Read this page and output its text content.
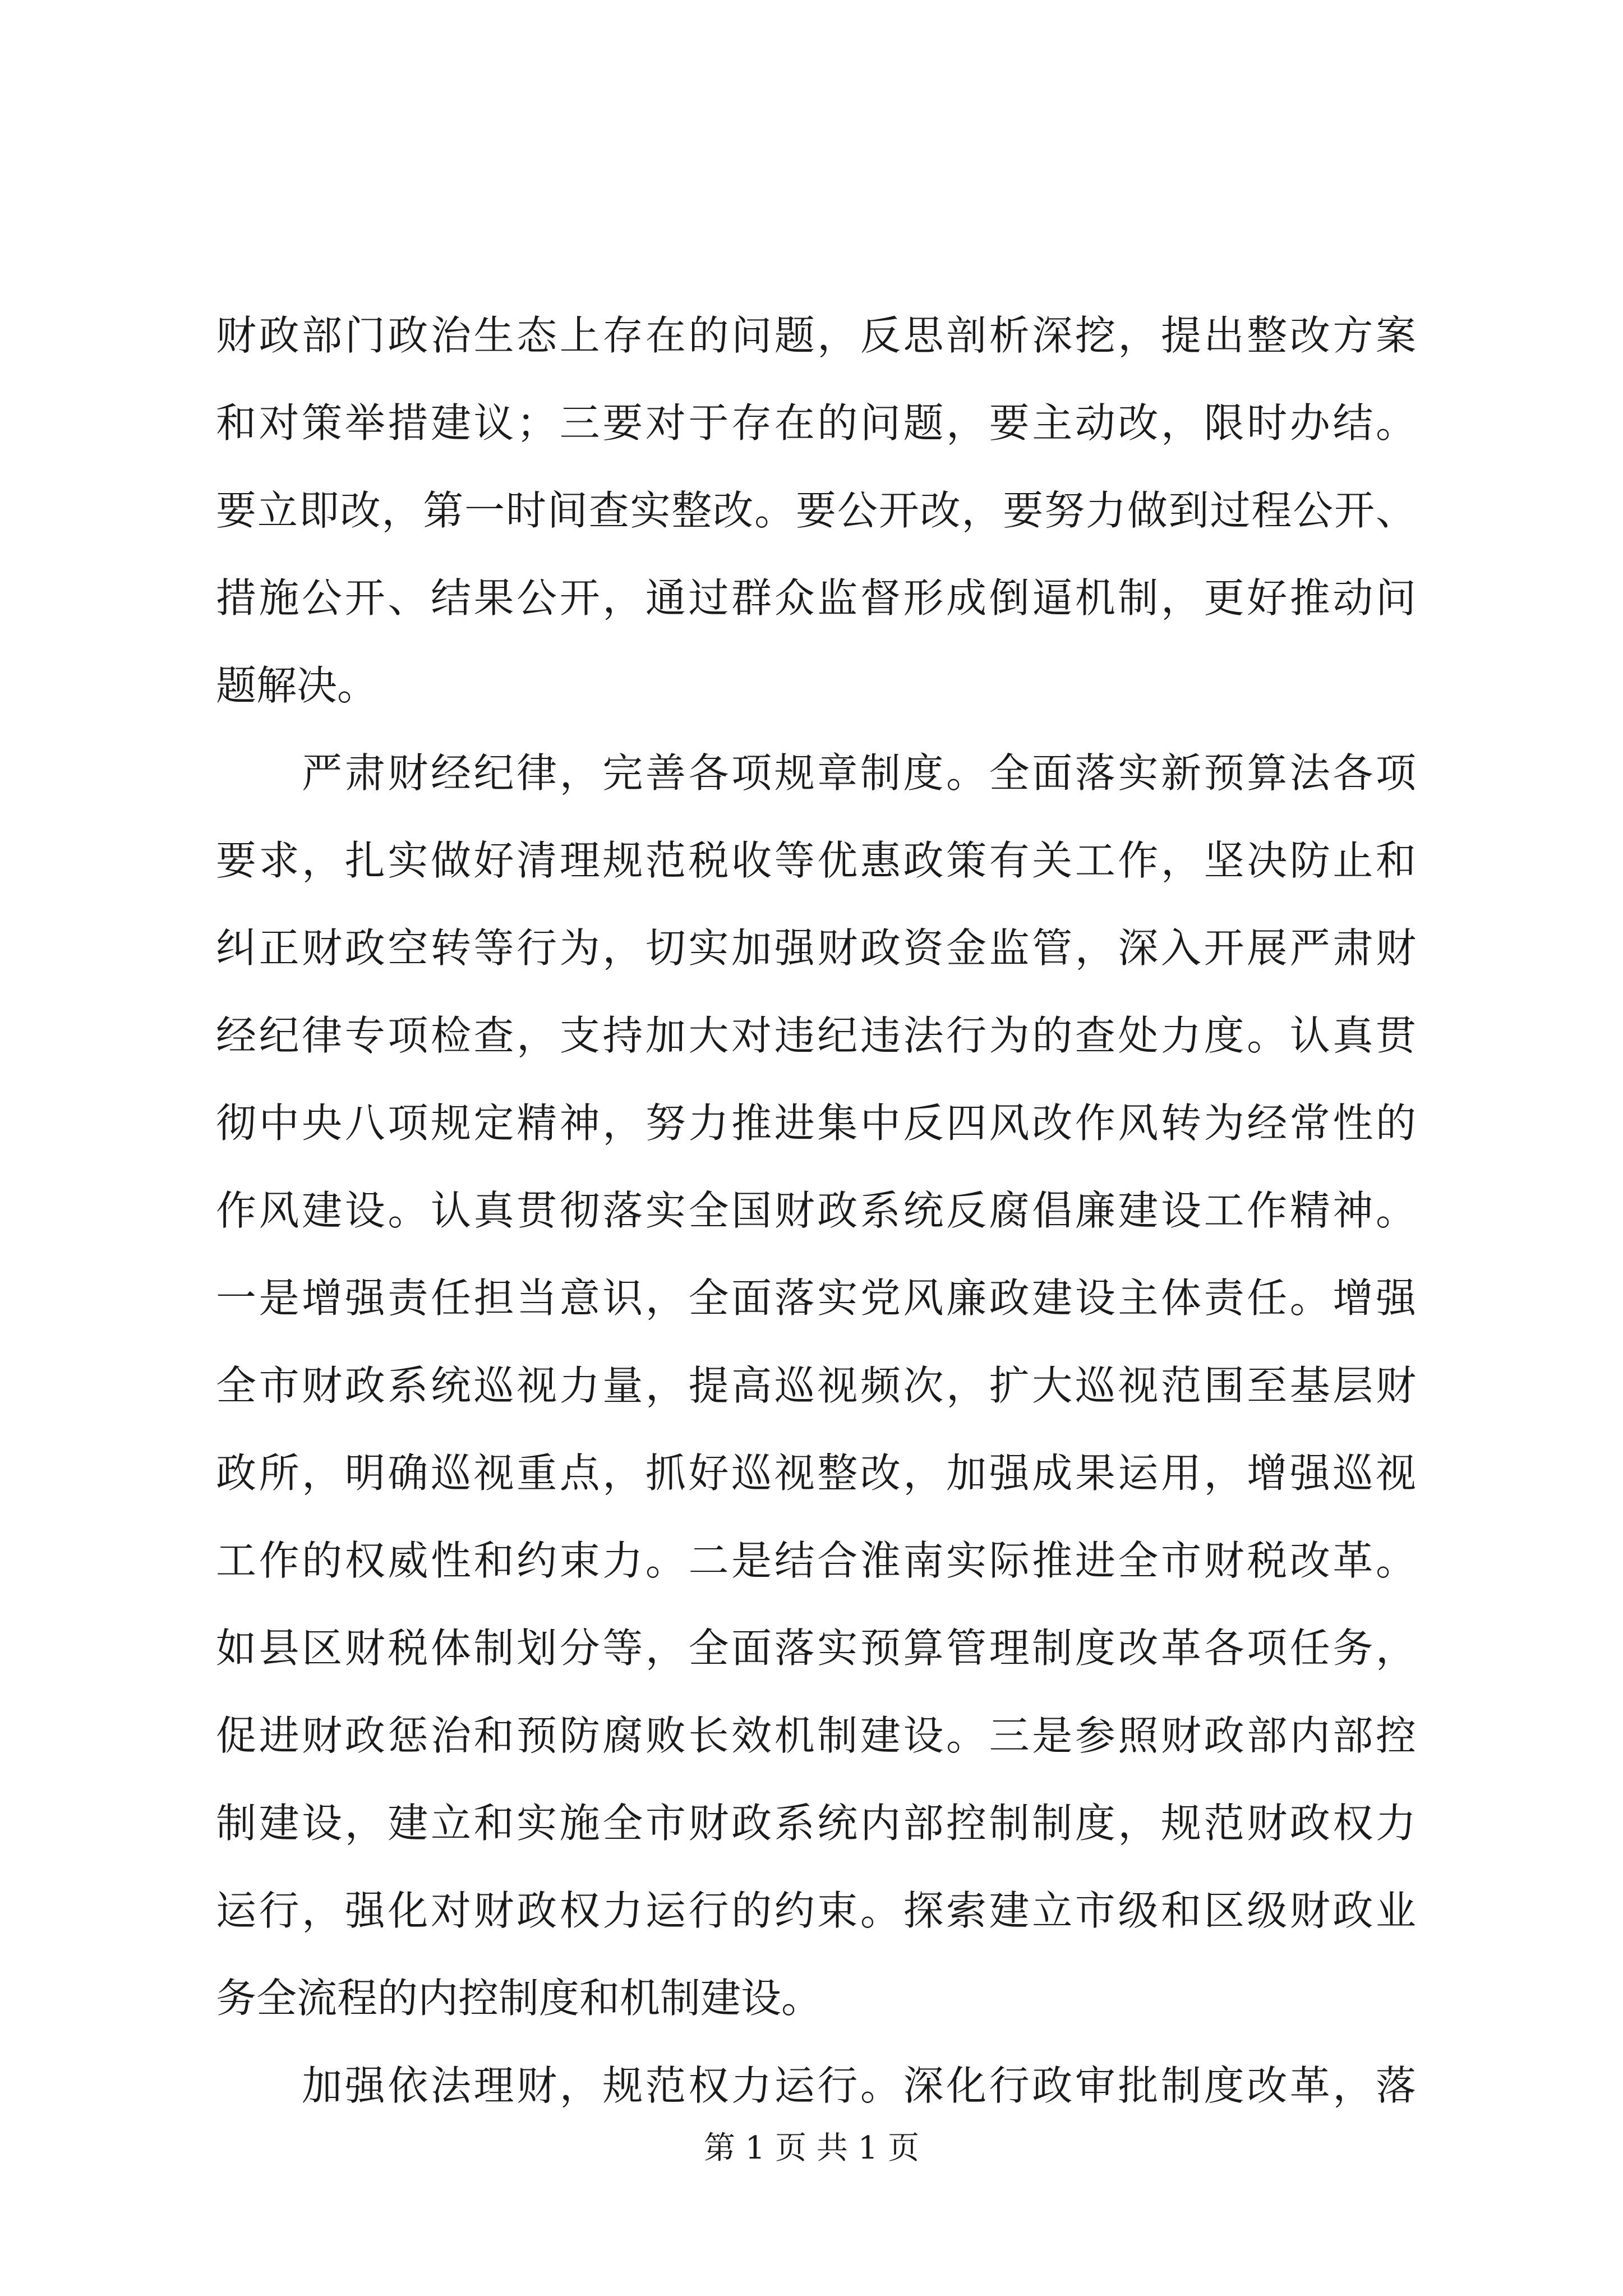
财政部门政治生态上存在的问题，反思剖析深挖，提出整改方案
和对策举措建议；三要对于存在的问题，要主动改，限时办结。
要立即改，第一时间查实整改。要公开改，要努力做到过程公开、
措施公开、结果公开，通过群众监督形成倒逼机制，更好推动问
题解决。
　　严肃财经纪律，完善各项规章制度。全面落实新预算法各项
要求，扎实做好清理规范税收等优惠政策有关工作，坚决防止和
纠正财政空转等行为，切实加强财政资金监管，深入开展严肃财
经纪律专项检查，支持加大对违纪违法行为的查处力度。认真贯
彻中央八项规定精神，努力推进集中反四风改作风转为经常性的
作风建设。认真贯彻落实全国财政系统反腐倡廉建设工作精神。
一是增强责任担当意识，全面落实党风廉政建设主体责任。增强
全市财政系统巡视力量，提高巡视频次，扩大巡视范围至基层财
政所，明确巡视重点，抓好巡视整改，加强成果运用，增强巡视
工作的权威性和约束力。二是结合淮南实际推进全市财税改革。
如县区财税体制划分等，全面落实预算管理制度改革各项任务，
促进财政惩治和预防腐败长效机制建设。三是参照财政部内部控
制建设，建立和实施全市财政系统内部控制制度，规范财政权力
运行，强化对财政权力运行的约束。探索建立市级和区级财政业
务全流程的内控制度和机制建设。
　　加强依法理财，规范权力运行。深化行政审批制度改革，落
第 1 页 共 1 页
